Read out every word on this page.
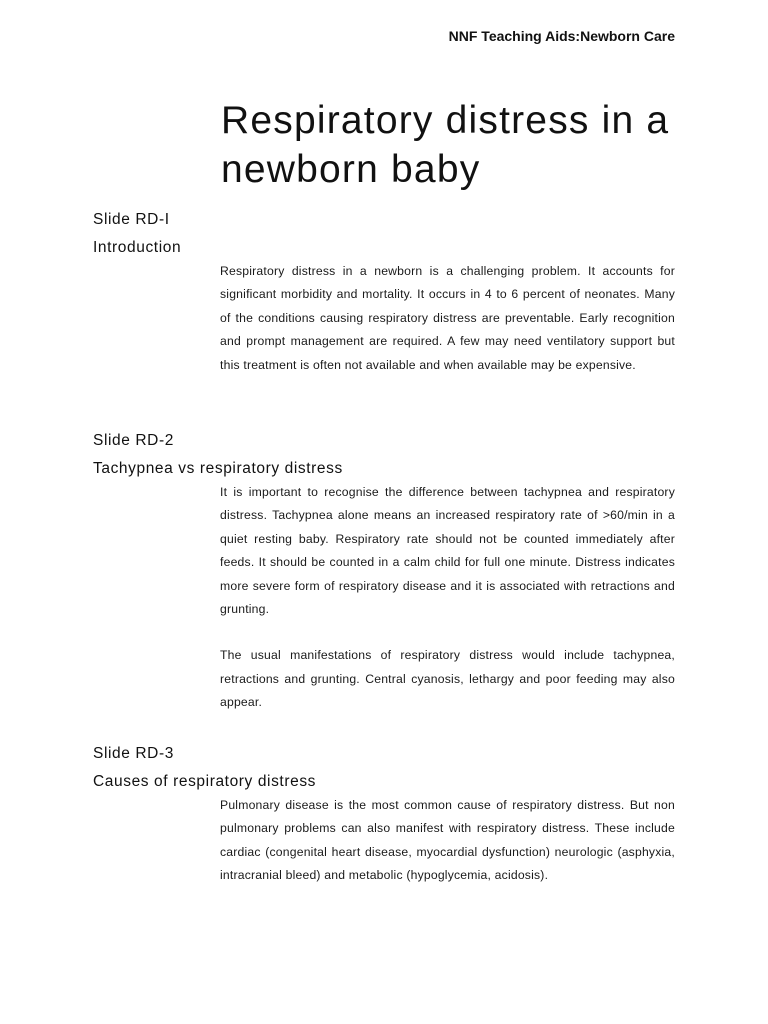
NNF Teaching Aids:Newborn Care
Respiratory distress in a newborn baby
Slide RD-I
Introduction

Respiratory distress in a newborn is a challenging problem. It accounts for significant morbidity and mortality. It occurs in 4 to 6 percent of neonates. Many of the conditions causing respiratory distress are preventable. Early recognition and prompt management are required. A few may need ventilatory support but this treatment is often not available and when available may be expensive.

Slide RD-2
Tachypnea vs respiratory distress

It is important to recognise the difference between tachypnea and respiratory distress. Tachypnea alone means an increased respiratory rate of >60/min in a quiet resting baby. Respiratory rate should not be counted immediately after feeds. It should be counted in a calm child for full one minute. Distress indicates more severe form of respiratory disease and it is associated with retractions and grunting.

The usual manifestations of respiratory distress would include tachypnea, retractions and grunting. Central cyanosis, lethargy and poor feeding may also appear.

Slide RD-3
Causes of respiratory distress

Pulmonary disease is the most common cause of respiratory distress. But non pulmonary problems can also manifest with respiratory distress. These include cardiac (congenital heart disease, myocardial dysfunction) neurologic (asphyxia, intracranial bleed) and metabolic (hypoglycemia, acidosis).
